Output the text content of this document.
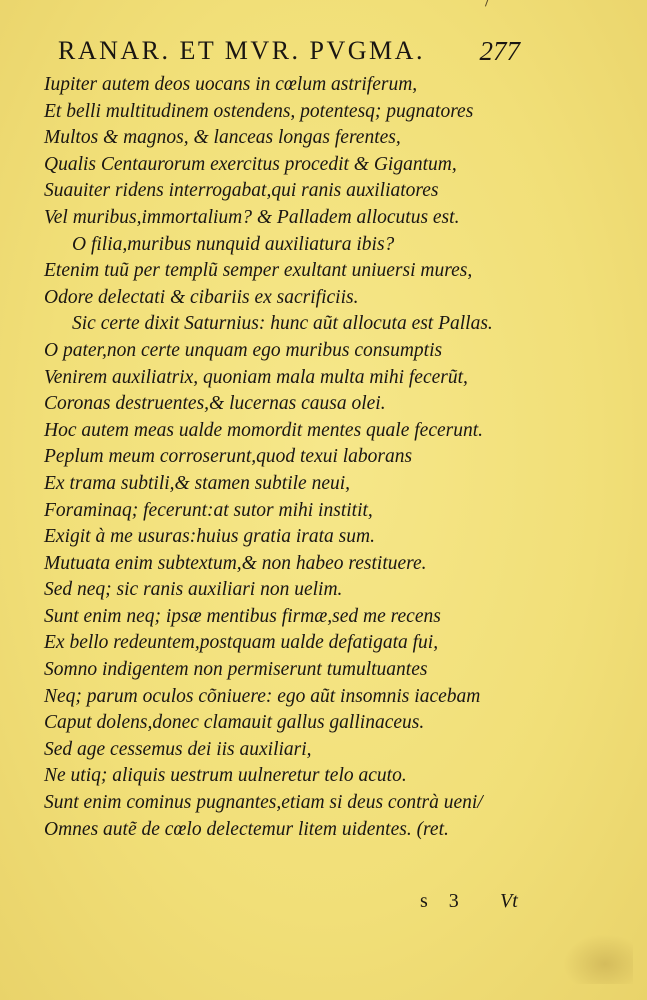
RANAR. ET MVR. PVGMA. 277
Iupiter autem deos uocans in cœlum astriferum,
Et belli multitudinem ostendens, potentesq; pugnatores
Multos & magnos, & lanceas longas ferentes,
Qualis Centaurorum exercitus procedit & Gigantum,
Suauiter ridens interrogabat,qui ranis auxiliatores
Vel muribus,immortalium? & Palladem allocutus est.
O filia,muribus nunquid auxiliatura ibis?
Etenim tuũ per templũ semper exultant uniuersi mures,
Odore delectati & cibariis ex sacrificiis.
Sic certe dixit Saturnius: hunc aũt allocuta est Pallas.
O pater,non certe unquam ego muribus consumptis
Venirem auxiliatrix, quoniam mala multa mihi fecerũt,
Coronas destruentes,& lucernas causa olei.
Hoc autem meas ualde momordit mentes quale fecerunt.
Peplum meum corroserunt,quod texui laborans
Ex trama subtili,& stamen subtile neui,
Foraminaq; fecerunt:at sutor mihi institit,
Exigit à me usuras:huius gratia irata sum.
Mutuata enim subtextum,& non habeo restituere.
Sed neq; sic ranis auxiliari non uelim.
Sunt enim neq; ipsæ mentibus firmæ,sed me recens
Ex bello redeuntem,postquam ualde defatigata fui,
Somno indigentem non permiserunt tumultuantes
Neq; parum oculos cõniuere: ego aũt insomnis iacebam
Caput dolens,donec clamauit gallus gallinaceus.
Sed age cessemus dei iis auxiliari,
Ne utiq; aliquis uestrum uulneretur telo acuto.
Sunt enim cominus pugnantes,etiam si deus contrà ueni/
Omnes autẽ de cœlo delectemur litem uidentes. (ret.
s 3 Vt
